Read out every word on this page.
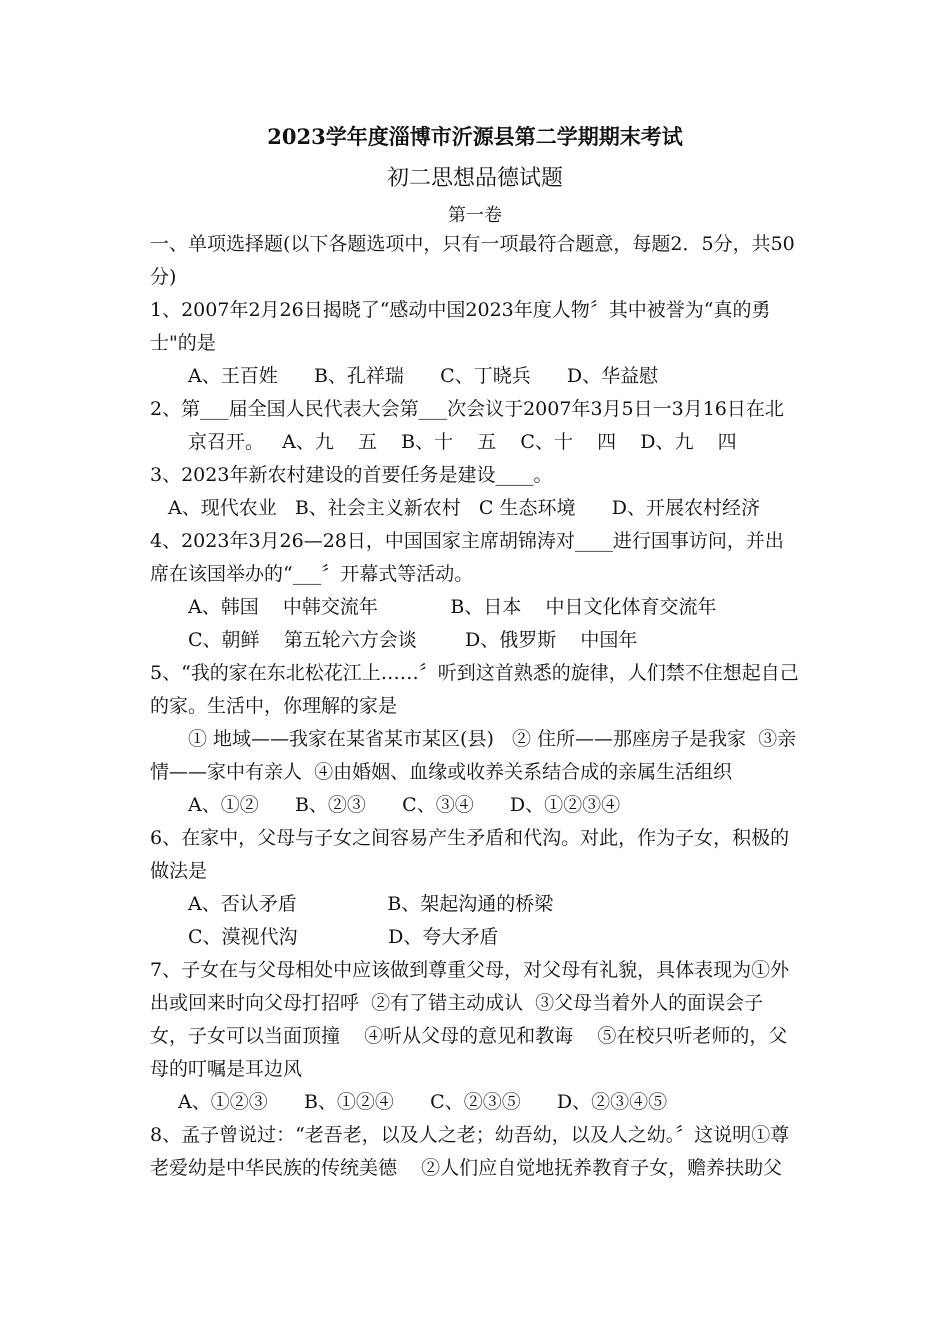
2023学年度淄博市沂源县第二学期期末考试
初二思想品德试题
第一卷
一、单项选择题(以下各题选项中，只有一项最符合题意，每题2．5分，共50
分)
1、2007年2月26日揭晓了“感动中国2023年度人物〞其中被誉为“真的勇
士"的是
A、王百姓      B、孔祥瑞      C、丁晓兵      D、华益慰
2、第___届全国人民代表大会第___次会议于2007年3月5日一3月16日在北
京召开。   A、九    五    B、十    五    C、十    四    D、九    四
3、2023年新农村建设的首要任务是建设____。
A、现代农业   B、社会主义新农村   C 生态环境      D、开展农村经济
4、2023年3月26—28日，中国国家主席胡锦涛对____进行国事访问，并出
席在该国举办的“___〞开幕式等活动。
A、韩国    中韩交流年            B、日本    中日文化体育交流年
C、朝鲜    第五轮六方会谈        D、俄罗斯    中国年
5、“我的家在东北松花江上……〞听到这首熟悉的旋律，人们禁不住想起自己
的家。生活中，你理解的家是
① 地域——我家在某省某市某区(县)   ② 住所——那座房子是我家  ③亲
情——家中有亲人  ④由婚姻、血缘或收养关系结合成的亲属生活组织
A、①②      B、②③      C、③④      D、①②③④
6、在家中，父母与子女之间容易产生矛盾和代沟。对此，作为子女，积极的
做法是
A、否认矛盾               B、架起沟通的桥梁
C、漠视代沟               D、夸大矛盾
7、子女在与父母相处中应该做到尊重父母，对父母有礼貌，具体表现为①外
出或回来时向父母打招呼  ②有了错主动成认  ③父母当着外人的面误会子
女，子女可以当面顶撞    ④听从父母的意见和教诲    ⑤在校只听老师的，父
母的叮嘱是耳边风
A、①②③      B、①②④      C、②③⑤      D、②③④⑤
8、孟子曾说过：“老吾老，以及人之老；幼吾幼，以及人之幼。〞这说明①尊
老爱幼是中华民族的传统美德    ②人们应自觉地抚养教育子女，赡养扶助父
